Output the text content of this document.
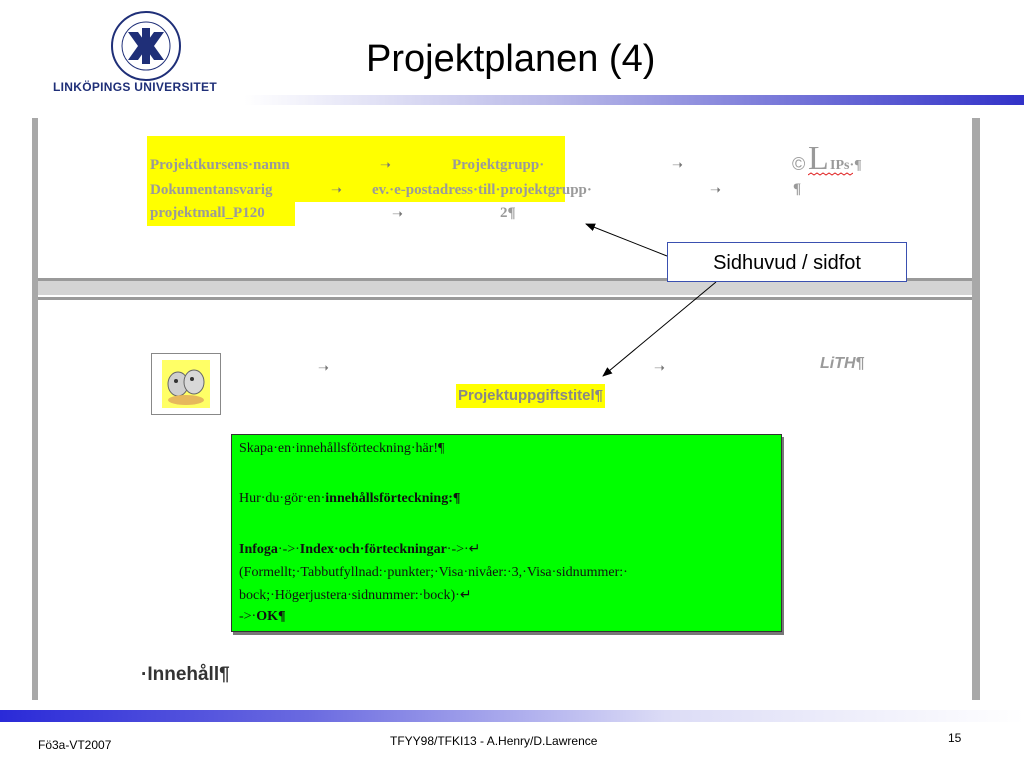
LINKÖPINGS UNIVERSITET
Projektplanen (4)
Projektkursens·namn	➝	Projektgrupp·	➝	© L IPs·¶
Dokumentansvarig	➝ ev.·e-postadress·till·projektgrupp·	➝	¶
projektmall_P120	➝	2¶
➝	➝	LiTH¶
Projektuppgiftstitel¶
Skapa·en·innehållsförteckning·här!¶
Hur·du·gör·en·innehållsförteckning:¶
Infoga·->·Index·och·förteckningar·->·↵
(Formellt;·Tabbutfyllnad:·punkter;·Visa·nivåer:·3,·Visa·sidnummer:·
bock;·Högerjustera·sidnummer:·bock)·↵
->·OK¶
·Innehåll¶
Sidhuvud / sidfot
Fö3a-VT2007	TFYY98/TFKI13 - A.Henry/D.Lawrence	15
